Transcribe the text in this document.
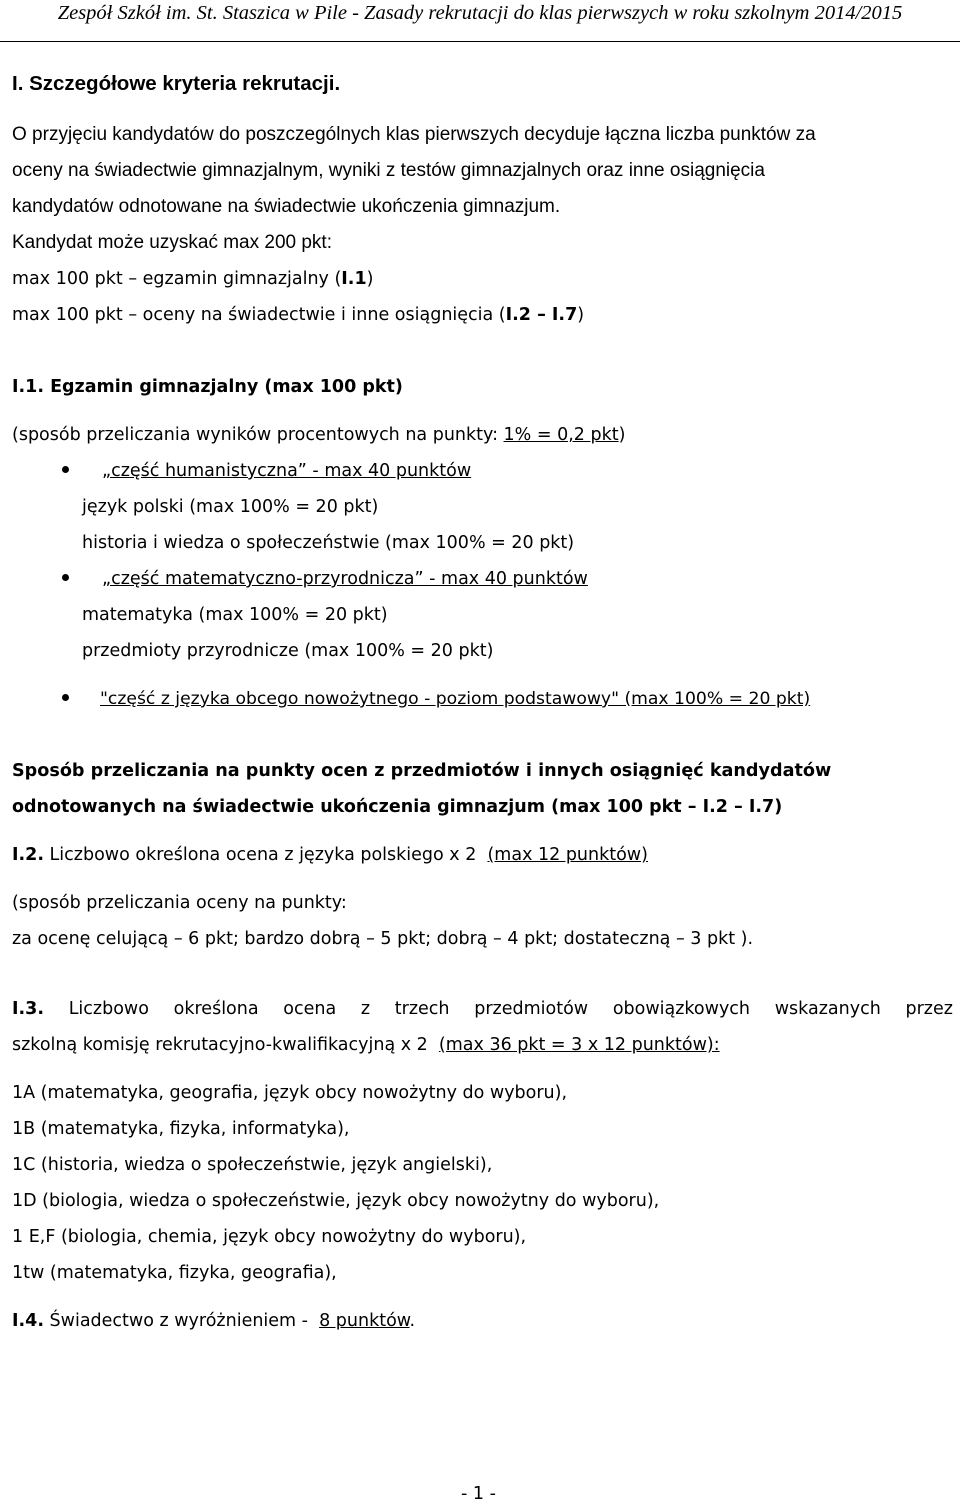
Zespół Szkół im. St. Staszica w Pile - Zasady rekrutacji do klas pierwszych w roku szkolnym 2014/2015
I. Szczegółowe kryteria rekrutacji.
O przyjęciu kandydatów do poszczególnych klas pierwszych decyduje łączna liczba punktów za
oceny na świadectwie gimnazjalnym, wyniki z testów gimnazjalnych oraz inne osiągnięcia
kandydatów odnotowane na świadectwie ukończenia gimnazjum.
Kandydat może uzyskać max 200 pkt:
max 100 pkt – egzamin gimnazjalny (I.1)
max 100 pkt – oceny na świadectwie i inne osiągnięcia (I.2 – I.7)
I.1. Egzamin gimnazjalny (max 100 pkt)
(sposób przeliczania wyników procentowych na punkty: 1% = 0,2 pkt)
„część humanistyczna” - max 40 punktów
język polski (max 100% = 20 pkt)
historia i wiedza o społeczeństwie (max 100% = 20 pkt)
„część matematyczno-przyrodnicza” - max 40 punktów
matematyka (max 100% = 20 pkt)
przedmioty przyrodnicze (max 100% = 20 pkt)
"część z języka obcego nowożytnego - poziom podstawowy" (max 100% = 20 pkt)
Sposób przeliczania na punkty ocen z przedmiotów i innych osiągnięć kandydatów
odnotowanych na świadectwie ukończenia gimnazjum (max 100 pkt – I.2 – I.7)
I.2. Liczbowo określona ocena z języka polskiego x 2  (max 12 punktów)
(sposób przeliczania oceny na punkty:
za ocenę celującą – 6 pkt; bardzo dobrą – 5 pkt; dobrą – 4 pkt; dostateczną – 3 pkt ).
I.3. Liczbowo określona ocena z trzech przedmiotów obowiązkowych wskazanych przez
szkolną komisję rekrutacyjno-kwalifikacyjną x 2  (max 36 pkt = 3 x 12 punktów):
1A (matematyka, geografia, język obcy nowożytny do wyboru),
1B (matematyka, fizyka, informatyka),
1C (historia, wiedza o społeczeństwie, język angielski),
1D (biologia, wiedza o społeczeństwie, język obcy nowożytny do wyboru),
1 E,F (biologia, chemia, język obcy nowożytny do wyboru),
1tw (matematyka, fizyka, geografia),
I.4. Świadectwo z wyróżnieniem -  8 punktów.
- 1 -
